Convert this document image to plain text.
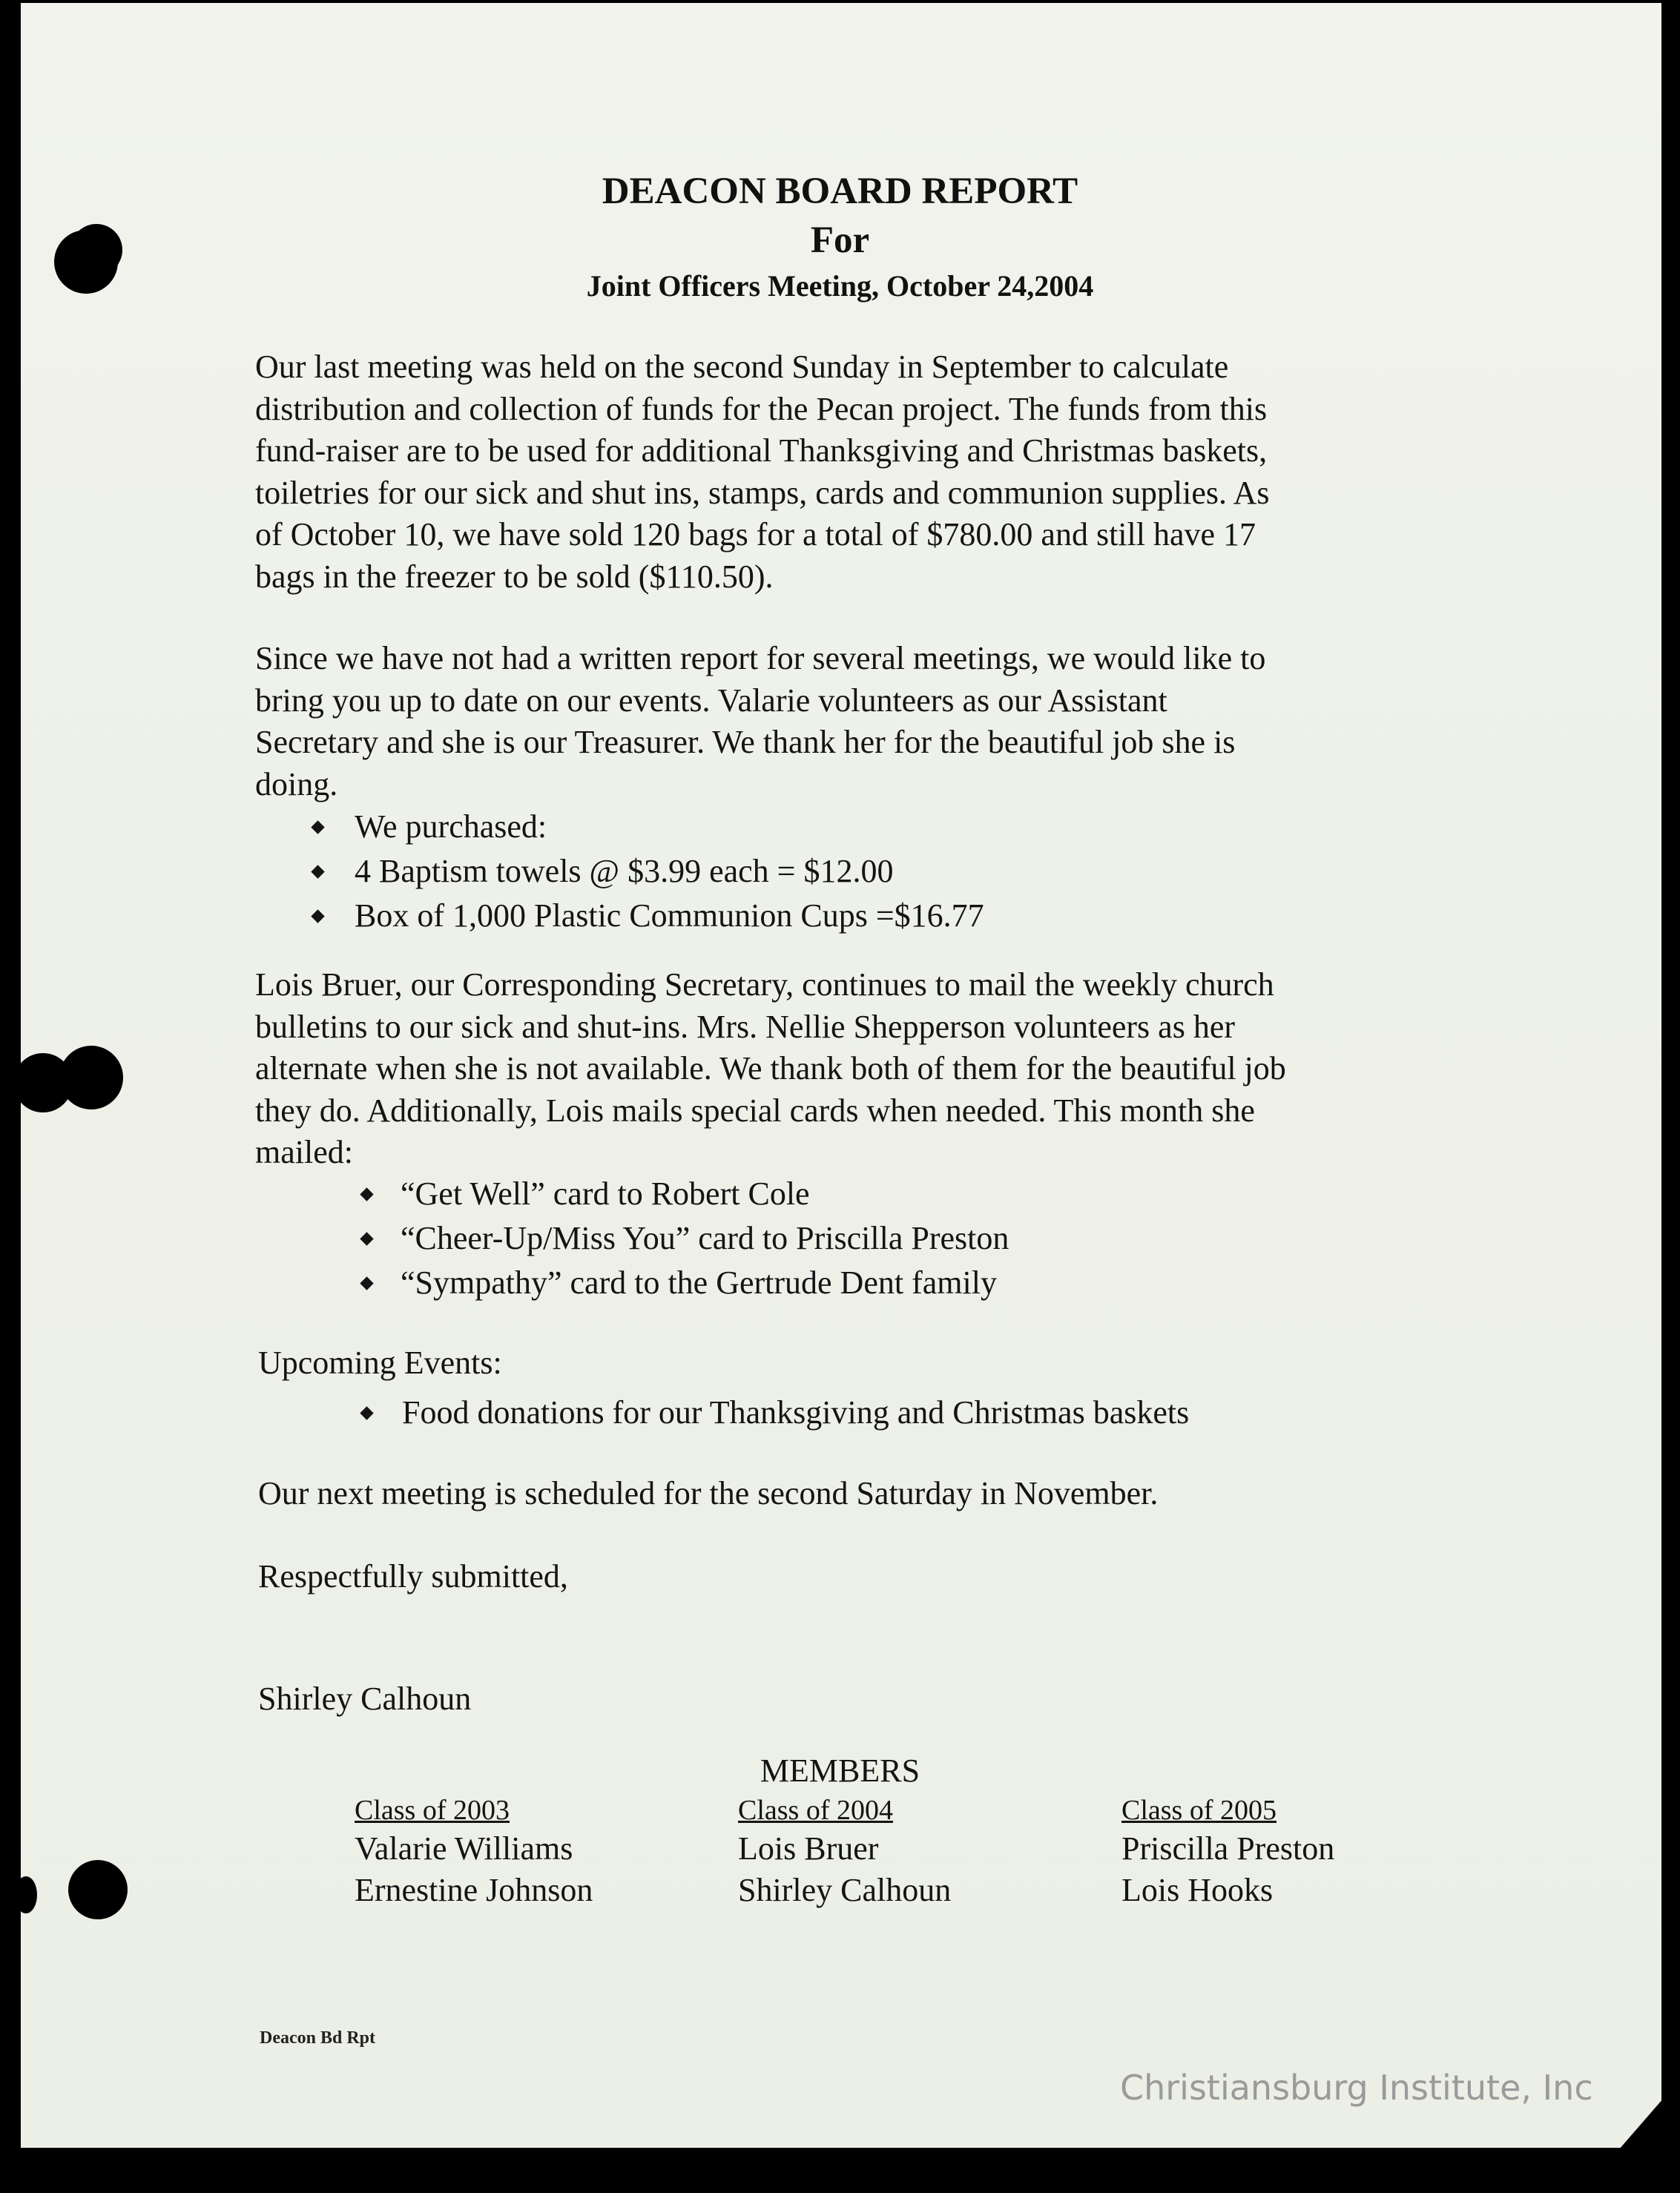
DEACON BOARD REPORT
For
Joint Officers Meeting, October 24,2004
Our last meeting was held on the second Sunday in September to calculate
distribution and collection of funds for the Pecan project. The funds from this
fund-raiser are to be used for additional Thanksgiving and Christmas baskets,
toiletries for our sick and shut ins, stamps, cards and communion supplies. As
of October 10, we have sold 120 bags for a total of $780.00 and still have 17
bags in the freezer to be sold ($110.50).
Since we have not had a written report for several meetings, we would like to
bring you up to date on our events. Valarie volunteers as our Assistant
Secretary and she is our Treasurer. We thank her for the beautiful job she is
doing.
We purchased:
4 Baptism towels @ $3.99 each = $12.00
Box of 1,000 Plastic Communion Cups =$16.77
Lois Bruer, our Corresponding Secretary, continues to mail the weekly church
bulletins to our sick and shut-ins. Mrs. Nellie Shepperson volunteers as her
alternate when she is not available. We thank both of them for the beautiful job
they do. Additionally, Lois mails special cards when needed. This month she
mailed:
“Get Well” card to Robert Cole
“Cheer-Up/Miss You” card to Priscilla Preston
“Sympathy” card to the Gertrude Dent family
Upcoming Events:
Food donations for our Thanksgiving and Christmas baskets
Our next meeting is scheduled for the second Saturday in November.
Respectfully submitted,
Shirley Calhoun
MEMBERS
Class of 2003
Valarie Williams
Ernestine Johnson
Class of 2004
Lois Bruer
Shirley Calhoun
Class of 2005
Priscilla Preston
Lois Hooks
Deacon Bd Rpt
Christiansburg Institute, Inc
